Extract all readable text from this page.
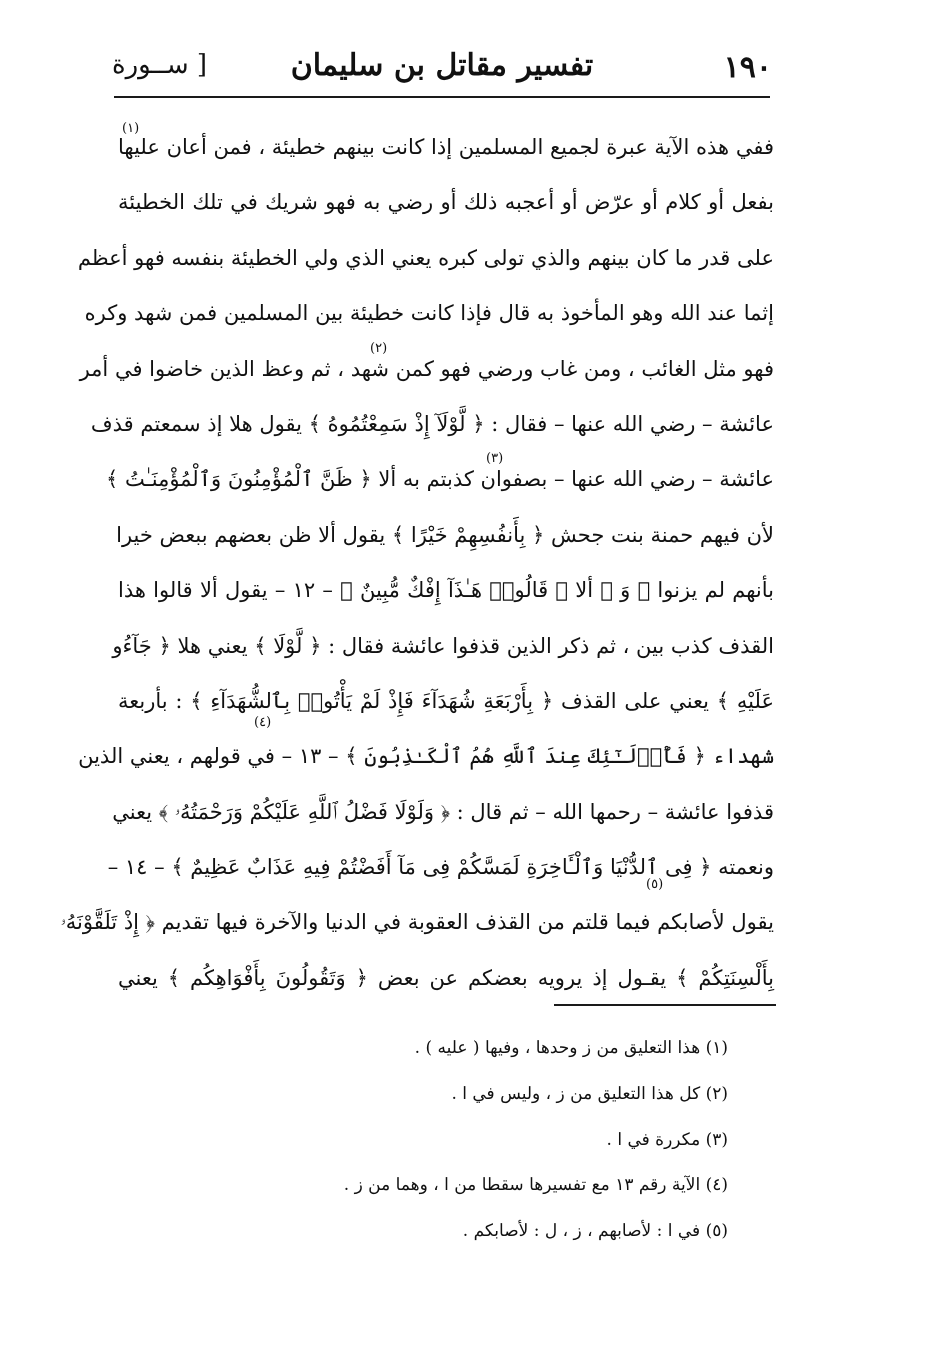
١٩٠
تفسير مقاتل بن سليمان
[ ســورة
ففي هذه الآية عبرة لجميع المسلمين إذا كانت بينهم خطيئة ، فمن أعان عليها
بفعل أو كلام أو عرّض أو أعجبه ذلك أو رضي به فهو شريك في تلك الخطيئة
على قدر ما كان بينهم والذي تولى كبره يعني الذي ولي الخطيئة بنفسه فهو أعظم
إثما عند الله وهو المأخوذ به قال فإذا كانت خطيئة بين المسلمين فمن شهد وكره
فهو مثل الغائب ، ومن غاب ورضي فهو كمن شهد ، ثم وعظ الذين خاضوا في أمر
عائشة – رضي الله عنها – فقال : ﴿ لَّوْلَآ إِذْ سَمِعْتُمُوهُ ﴾ يقول هلا إذ سمعتم قذف
عائشة – رضي الله عنها – بصفوان كذبتم به ألا ﴿ ظَنَّ ٱلْمُؤْمِنُونَ وَٱلْمُؤْمِنَـٰتُ ﴾
لأن فيهم حمنة بنت جحش ﴿ بِأَنفُسِهِمْ خَيْرًا ﴾ يقول ألا ظن بعضهم ببعض خيرا
بأنهم لم يزنوا ﴿ وَ ﴾ ألا ﴿ قَالُوا۟ هَـٰذَآ إِفْكٌ مُّبِينٌ ﴾ – ١٢ – يقول ألا قالوا هذا
القذف كذب بين ، ثم ذكر الذين قذفوا عائشة فقال : ﴿ لَّوْلَا ﴾ يعني هلا ﴿ جَآءُو
عَلَيْهِ ﴾ يعني على القذف ﴿ بِأَرْبَعَةِ شُهَدَآءَ فَإِذْ لَمْ يَأْتُوا۟ بِٱلشُّهَدَآءِ ﴾ : بأربعة
شهداء ﴿ فَأُو۟لَـٰٓئِكَ عِندَ ٱللَّهِ هُمُ ٱلْكَـٰذِبُونَ ﴾ – ١٣ – في قولهم ، يعني الذين
قذفوا عائشة – رحمها الله – ثم قال : ﴿ وَلَوْلَا فَضْلُ ٱللَّهِ عَلَيْكُمْ وَرَحْمَتُهُۥ ﴾ يعني
ونعمته ﴿ فِى ٱلدُّنْيَا وَٱلْـَٔاخِرَةِ لَمَسَّكُمْ فِى مَآ أَفَضْتُمْ فِيهِ عَذَابٌ عَظِيمٌ ﴾ – ١٤ –
يقول لأصابكم فيما قلتم من القذف العقوبة في الدنيا والآخرة فيها تقديم ﴿ إِذْ تَلَقَّوْنَهُۥ
بِأَلْسِنَتِكُمْ ﴾ يقـول إذ يرويه بعضكم عن بعض ﴿ وَتَقُولُونَ بِأَفْوَاهِكُم ﴾ يعني
(١)
(٢)
(٣)
(٤)
(٥)
(١) هذا التعليق من ز وحدها ، وفيها ( عليه ) .
(٢) كل هذا التعليق من ز ، وليس في ا .
(٣) مكررة في ا .
(٤) الآية رقم ١٣ مع تفسيرها سقطا من ا ، وهما من ز .
(٥) في ا : لأصابهم ، ز ، ل : لأصابكم .
